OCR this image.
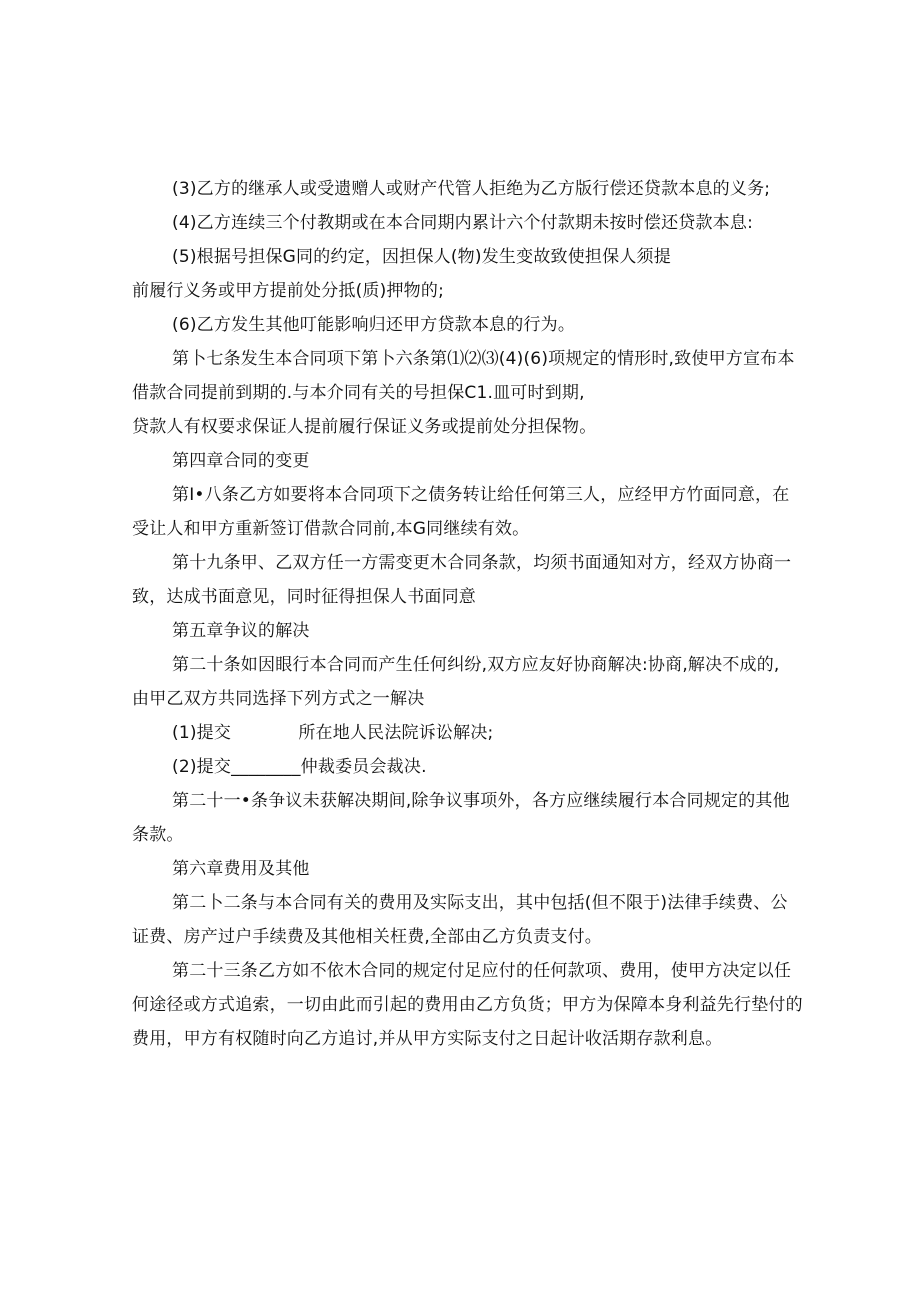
(3)乙方的继承人或受遗赠人或财产代管人拒绝为乙方版行偿还贷款本息的义务;
(4)乙方连续三个付教期或在本合同期内累计六个付款期未按时偿还贷款本息:
(5)根据号担保G同的约定，因担保人(物)发生变故致使担保人须提
前履行义务或甲方提前处分抵(质)押物的;
(6)乙方发生其他叮能影响归还甲方贷款本息的行为。
第卜七条发生本合同项下第卜六条第⑴⑵⑶(4)(6)项规定的情形时,致使甲方宣布本
借款合同提前到期的.与本介同有关的号担保C1.皿可时到期,
贷款人有权要求保证人提前履行保证义务或提前处分担保物。
第四章合同的变更
第I•八条乙方如要将本合同项下之债务转让给任何第三人，应经甲方竹面同意，在
受让人和甲方重新签订借款合同前,本G同继续有效。
第十九条甲、乙双方任一方需变更木合同条款，均须书面通知对方，经双方协商一
致，达成书面意见，同时征得担保人书面同意
第五章争议的解决
第二十条如因眼行本合同而产生任何纠纷,双方应友好协商解决:协商,解决不成的,
由甲乙双方共同选择下列方式之一解决
(1)提交            所在地人民法院诉讼解决;
(2)提交________仲裁委员会裁决.
第二十一•条争议未获解决期间,除争议事项外，各方应继续履行本合同规定的其他
条款。
第六章费用及其他
第二卜二条与本合同有关的费用及实际支出，其中包括(但不限于)法律手续费、公
证费、房产过户手续费及其他相关枉费,全部由乙方负责支付。
第二十三条乙方如不依木合同的规定付足应付的任何款项、费用，使甲方决定以任
何途径或方式追索，一切由此而引起的费用由乙方负货；甲方为保障本身利益先行垫付的
费用，甲方有权随时向乙方追讨,并从甲方实际支付之日起计收活期存款利息。
